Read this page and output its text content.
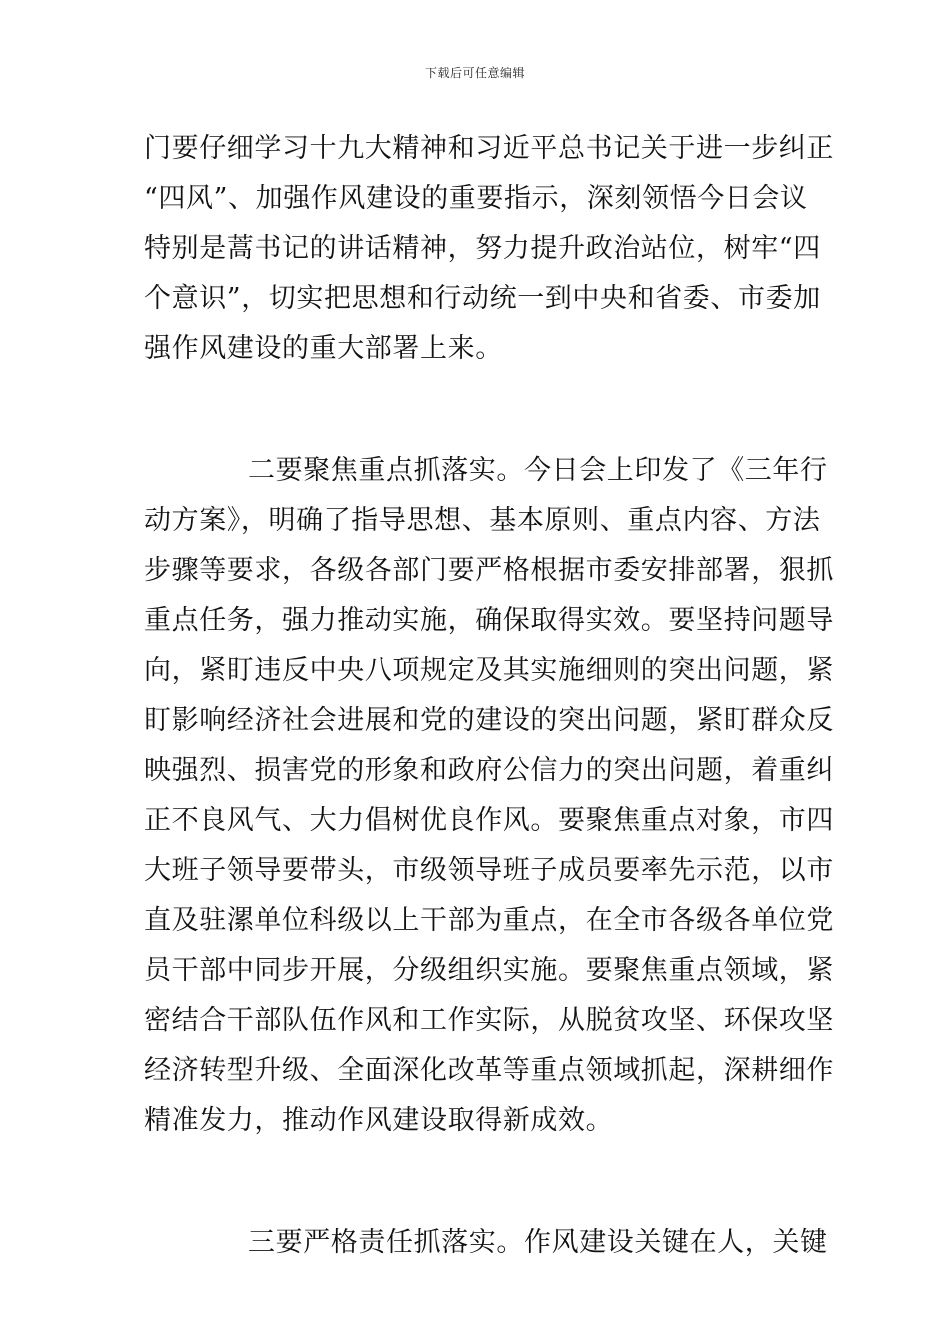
下载后可任意编辑
门要仔细学习十九大精神和习近平总书记关于进一步纠正
“四风”、加强作风建设的重要指示，深刻领悟今日会议
特别是蒿书记的讲话精神，努力提升政治站位，树牢“四
个意识”，切实把思想和行动统一到中央和省委、市委加
强作风建设的重大部署上来。
二要聚焦重点抓落实。今日会上印发了《三年行
动方案》，明确了指导思想、基本原则、重点内容、方法
步骤等要求，各级各部门要严格根据市委安排部署，狠抓
重点任务，强力推动实施，确保取得实效。要坚持问题导
向，紧盯违反中央八项规定及其实施细则的突出问题，紧
盯影响经济社会进展和党的建设的突出问题，紧盯群众反
映强烈、损害党的形象和政府公信力的突出问题，着重纠
正不良风气、大力倡树优良作风。要聚焦重点对象，市四
大班子领导要带头，市级领导班子成员要率先示范，以市
直及驻漯单位科级以上干部为重点，在全市各级各单位党
员干部中同步开展，分级组织实施。要聚焦重点领域，紧
密结合干部队伍作风和工作实际，从脱贫攻坚、环保攻坚
经济转型升级、全面深化改革等重点领域抓起，深耕细作
精准发力，推动作风建设取得新成效。
三要严格责任抓落实。作风建设关键在人，关键
